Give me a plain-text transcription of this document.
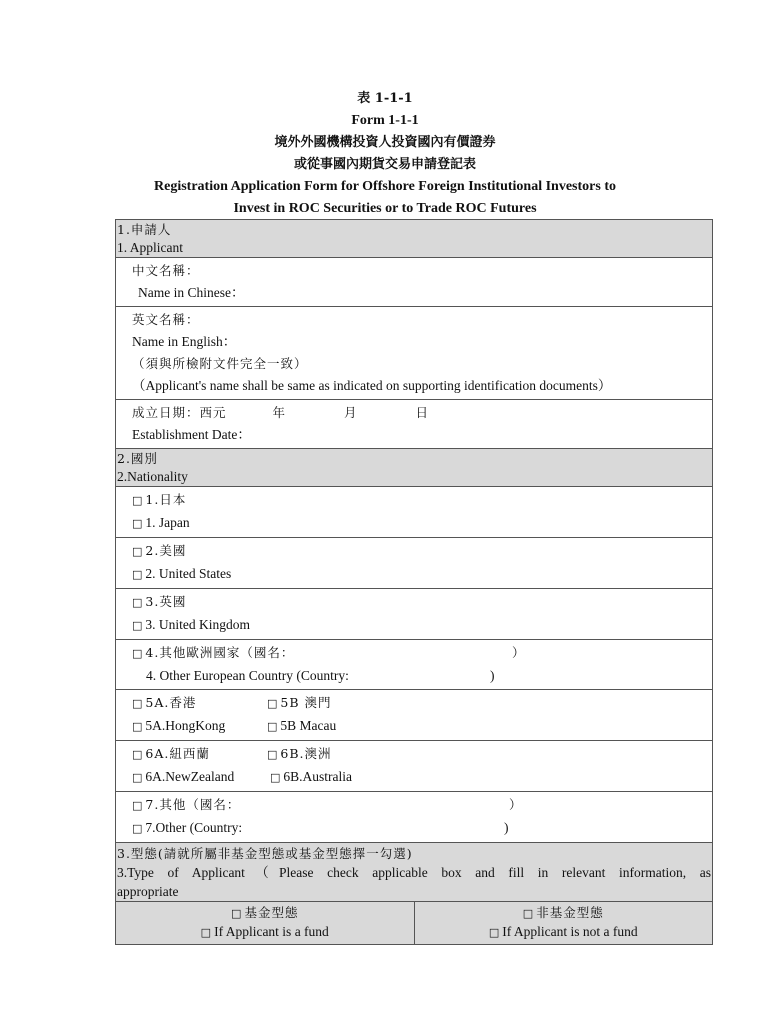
表 1-1-1
Form 1-1-1
境外外國機構投資人投資國內有價證券
或從事國內期貨交易申請登記表
Registration Application Form for Offshore Foreign Institutional Investors to
Invest in ROC Securities or to Trade ROC Futures
1.申請人
1. Applicant
中文名稱：
Name in Chinese：
英文名稱：
Name in English：
（須與所檢附文件完全一致）
（Applicant's name shall be same as indicated on supporting identification documents）
成立日期：西元	年	月	日
Establishment Date：
2.國別
2.Nationality
□ 1.日本
□ 1. Japan
□ 2.美國
□ 2. United States
□ 3.英國
□ 3. United Kingdom
□ 4.其他歐洲國家（國名：	）
4. Other European Country (Country:	)
□ 5A.香港	□ 5B 澳門
□ 5A.HongKong	□ 5B Macau
□ 6A.紐西蘭	□ 6B.澳洲
□ 6A.NewZealand	□ 6B.Australia
□ 7.其他（國名：	）
□ 7.Other (Country:	)
3.型態(請就所屬非基金型態或基金型態擇一勾選)
3.Type of Applicant（Please check applicable box and fill in relevant information, as
appropriate
□ 基金型態
□ If Applicant is a fund
□ 非基金型態
□ If Applicant is not a fund
